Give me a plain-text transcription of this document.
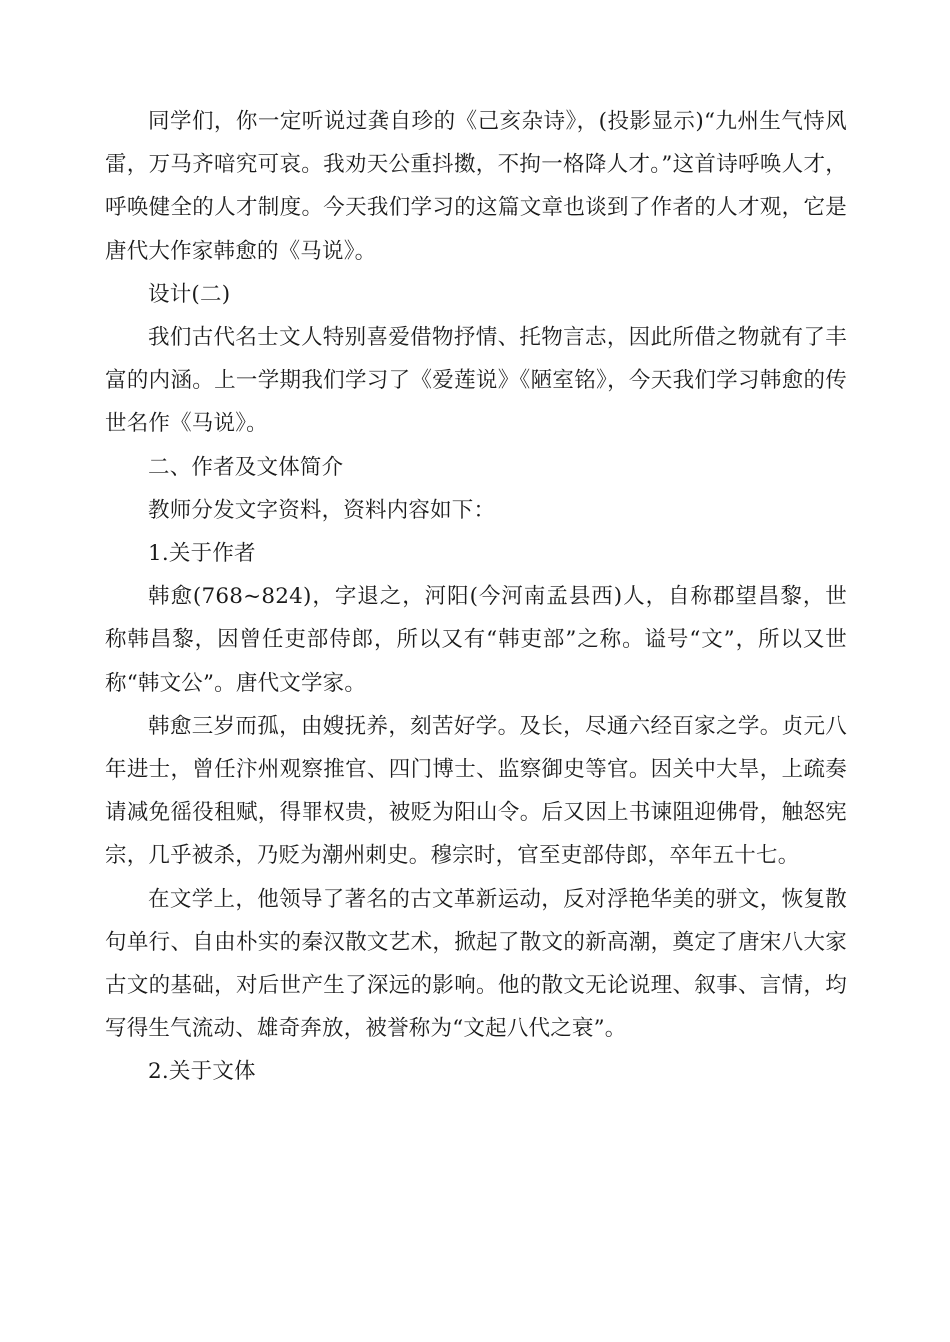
同学们，你一定听说过龚自珍的《己亥杂诗》，(投影显示)“九州生气恃风雷，万马齐喑究可哀。我劝天公重抖擞，不拘一格降人才。”这首诗呼唤人才，呼唤健全的人才制度。今天我们学习的这篇文章也谈到了作者的人才观，它是唐代大作家韩愈的《马说》。

设计(二)

我们古代名士文人特别喜爱借物抒情、托物言志，因此所借之物就有了丰富的内涵。上一学期我们学习了《爱莲说》《陋室铭》，今天我们学习韩愈的传世名作《马说》。

二、作者及文体简介

教师分发文字资料，资料内容如下：

1.关于作者

韩愈(768~824)，字退之，河阳(今河南孟县西)人，自称郡望昌黎，世称韩昌黎，因曾任吏部侍郎，所以又有“韩吏部”之称。谥号“文”，所以又世称“韩文公”。唐代文学家。

韩愈三岁而孤，由嫂抚养，刻苦好学。及长，尽通六经百家之学。贞元八年进士，曾任汴州观察推官、四门博士、监察御史等官。因关中大旱，上疏奏请减免徭役租赋，得罪权贵，被贬为阳山令。后又因上书谏阻迎佛骨，触怒宪宗，几乎被杀，乃贬为潮州刺史。穆宗时，官至吏部侍郎，卒年五十七。

在文学上，他领导了著名的古文革新运动，反对浮艳华美的骈文，恢复散句单行、自由朴实的秦汉散文艺术，掀起了散文的新高潮，奠定了唐宋八大家古文的基础，对后世产生了深远的影响。他的散文无论说理、叙事、言情，均写得生气流动、雄奇奔放，被誉称为“文起八代之衰”。

2.关于文体
